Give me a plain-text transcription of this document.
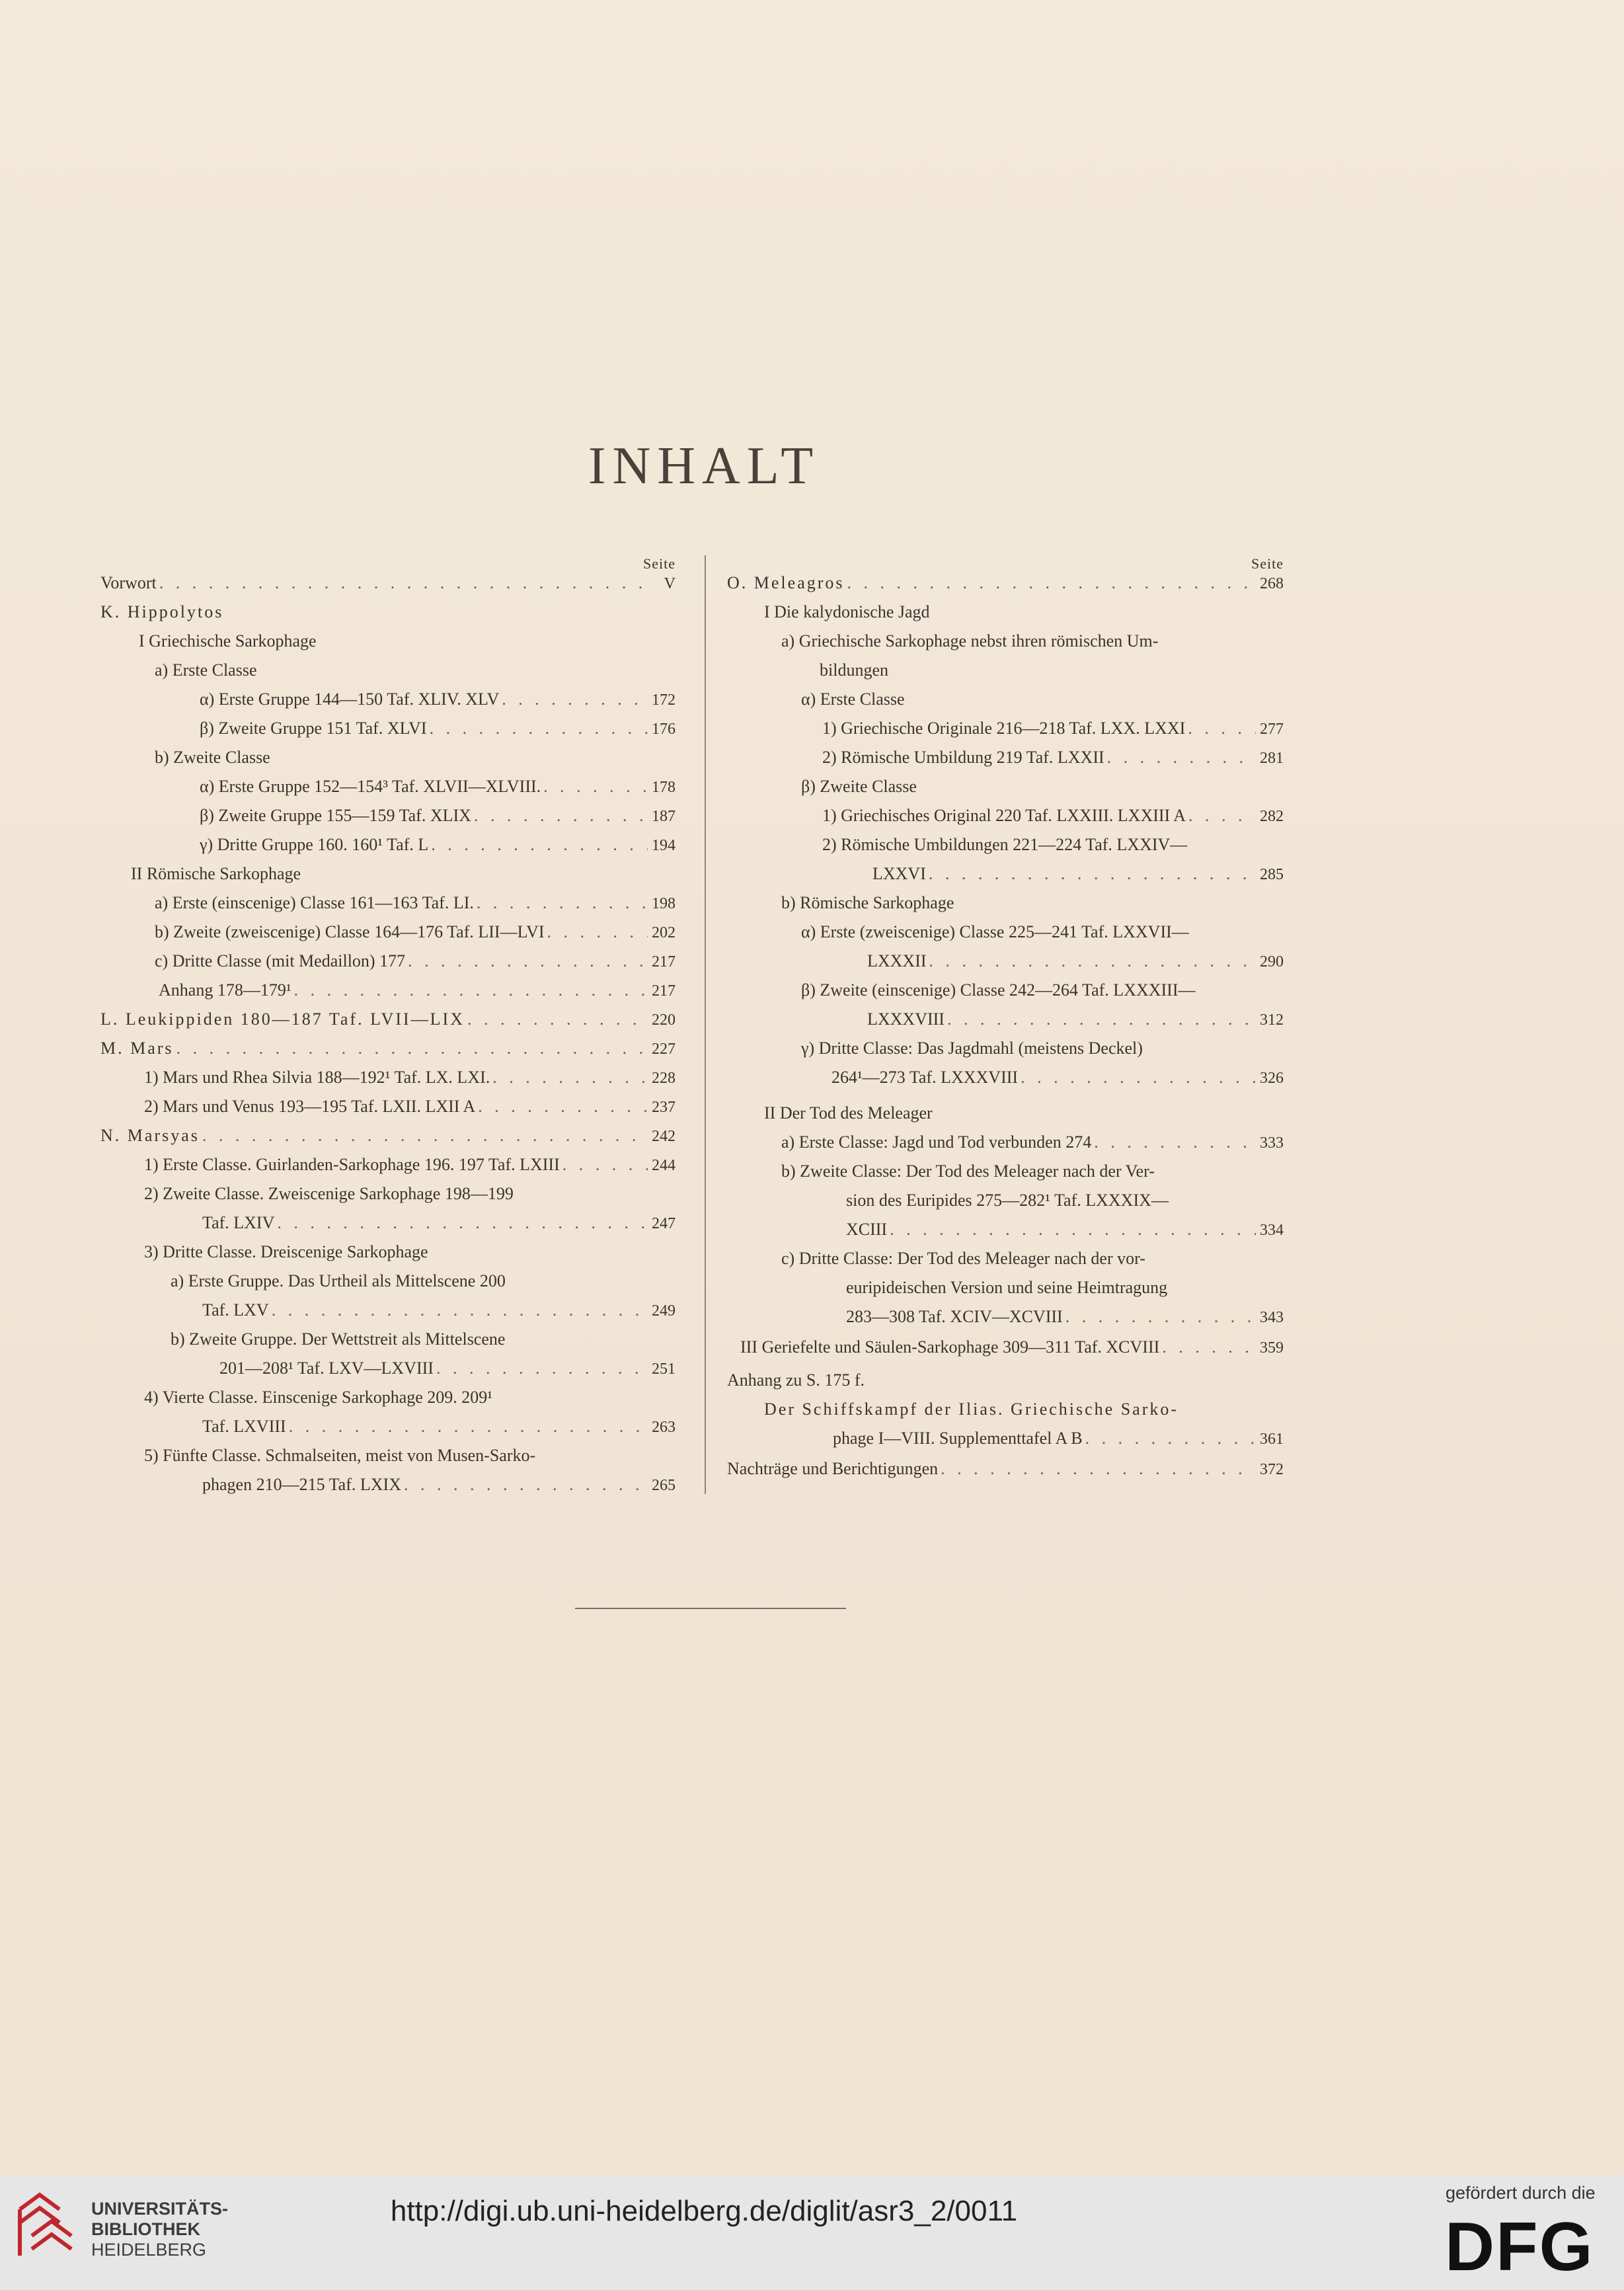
INHALT
Seite
Vorwort . . .	V
K. Hippolytos
I Griechische Sarkophage
a) Erste Classe
α) Erste Gruppe 144—150 Taf. XLIV. XLV . . .	172
β) Zweite Gruppe 151 Taf. XLVI . . .	176
b) Zweite Classe
α) Erste Gruppe 152—154³ Taf. XLVII—XLVIII. . . .	178
β) Zweite Gruppe 155—159 Taf. XLIX . . .	187
γ) Dritte Gruppe 160. 160¹ Taf. L . . .	194
II Römische Sarkophage
a) Erste (einscenige) Classe 161—163 Taf. LI. . . .	198
b) Zweite (zweiscenige) Classe 164—176 Taf. LII—LVI . . .	202
c) Dritte Classe (mit Medaillon) 177 . . .	217
Anhang 178—179¹ . . .	217
L. Leukippiden 180—187 Taf. LVII—LIX . . .	220
M. Mars . . .	227
1) Mars und Rhea Silvia 188—192¹ Taf. LX. LXI. . . .	228
2) Mars und Venus 193—195 Taf. LXII. LXII A . . .	237
N. Marsyas . . .	242
1) Erste Classe. Guirlanden-Sarkophage 196. 197 Taf. LXIII . . .	244
2) Zweite Classe. Zweiscenige Sarkophage 198—199
Taf. LXIV . . .	247
3) Dritte Classe. Dreiscenige Sarkophage
a) Erste Gruppe. Das Urtheil als Mittelscene 200
Taf. LXV . . .	249
b) Zweite Gruppe. Der Wettstreit als Mittelscene
201—208¹ Taf. LXV—LXVIII . . .	251
4) Vierte Classe. Einscenige Sarkophage 209. 209¹
Taf. LXVIII . . .	263
5) Fünfte Classe. Schmalseiten, meist von Musen-Sarko-
phagen 210—215 Taf. LXIX . . .	265
Seite
O. Meleagros . . .	268
I Die kalydonische Jagd
a) Griechische Sarkophage nebst ihren römischen Um-
bildungen
α) Erste Classe
1) Griechische Originale 216—218 Taf. LXX. LXXI . . .	277
2) Römische Umbildung 219 Taf. LXXII . . .	281
β) Zweite Classe
1) Griechisches Original 220 Taf. LXXIII. LXXIII A . . .	282
2) Römische Umbildungen 221—224 Taf. LXXIV—
LXXVI . . .	285
b) Römische Sarkophage
α) Erste (zweiscenige) Classe 225—241 Taf. LXXVII—
LXXXII . . .	290
β) Zweite (einscenige) Classe 242—264 Taf. LXXXIII—
LXXXVIII . . .	312
γ) Dritte Classe: Das Jagdmahl (meistens Deckel)
264¹—273 Taf. LXXXVIII . . .	326
II Der Tod des Meleager
a) Erste Classe: Jagd und Tod verbunden 274 . . .	333
b) Zweite Classe: Der Tod des Meleager nach der Ver-
sion des Euripides 275—282¹ Taf. LXXXIX—
XCIII . . .	334
c) Dritte Classe: Der Tod des Meleager nach der vor-
euripideischen Version und seine Heimtragung
283—308 Taf. XCIV—XCVIII . . .	343
III Geriefelte und Säulen-Sarkophage 309—311 Taf. XCVIII . . .	359
Anhang zu S. 175 f.
Der Schiffskampf der Ilias. Griechische Sarko-
phage I—VIII. Supplementtafel A B . . .	361
Nachträge und Berichtigungen . . .	372
UNIVERSITÄTS-
BIBLIOTHEK
HEIDELBERG
http://digi.ub.uni-heidelberg.de/diglit/asr3_2/0011
gefördert durch die
DFG
